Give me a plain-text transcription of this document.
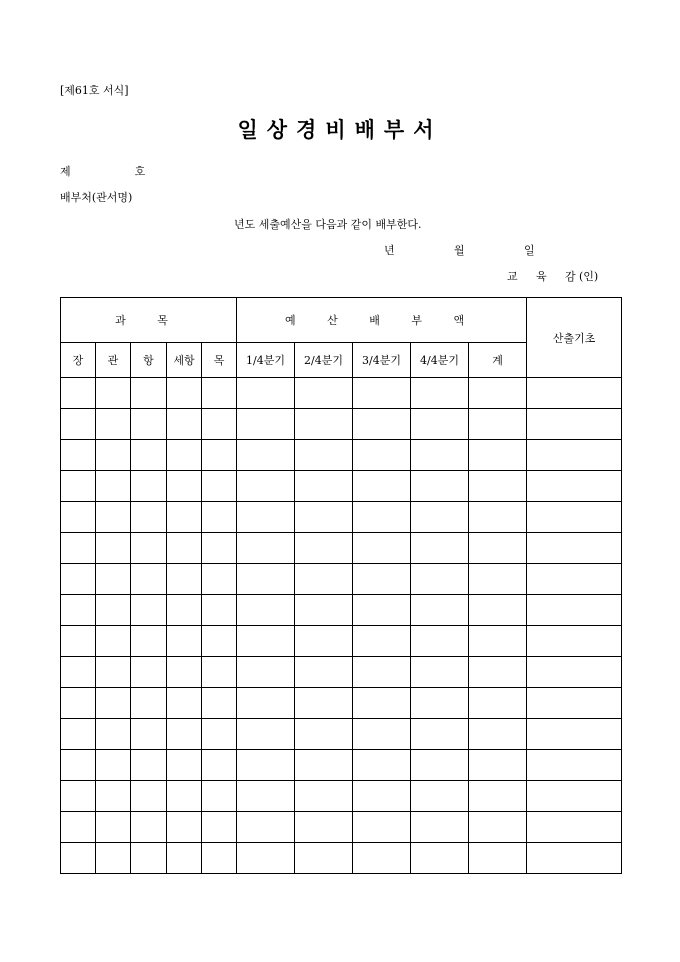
[제61호 서식]
일상경비배부서
제	호
배부처(관서명)
년도 세출예산을 다음과 같이 배부한다.
년	월	일
교 육 감 (인)
과 목					예 산 배 부 액					산출기초
장	관	항	세항	목	1/4분기	2/4분기	3/4분기	4/4분기	계	
